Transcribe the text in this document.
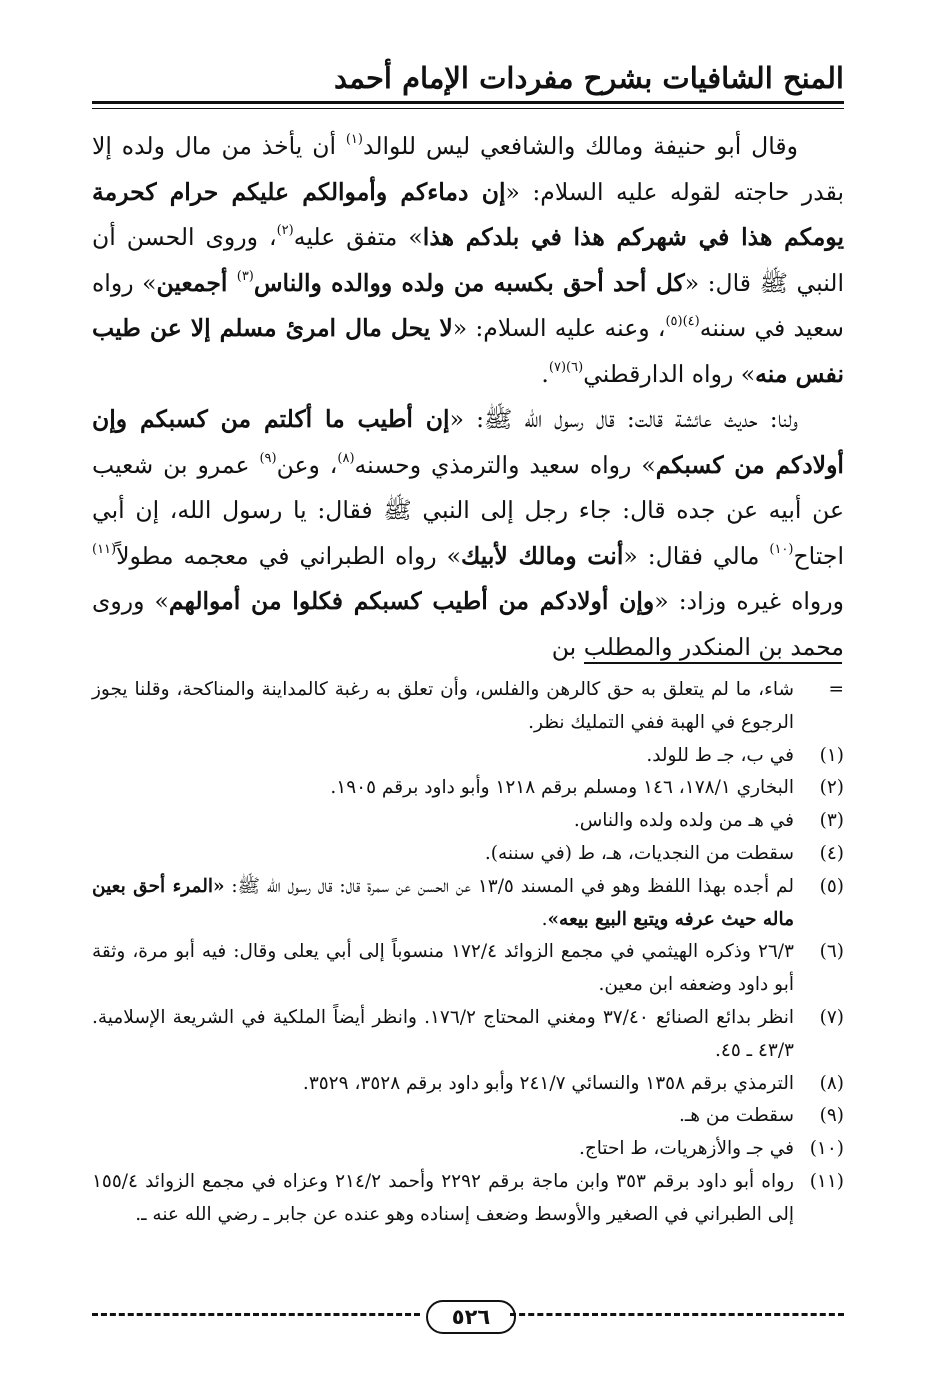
المنح الشافيات بشرح مفردات الإمام أحمد

وقال أبو حنيفة ومالك والشافعي ليس للوالد$^{(١)}$ أن يأخذ من مال ولده إلا بقدر حاجته لقوله عليه السلام: «إن دماءكم وأموالكم عليكم حرام كحرمة يومكم هذا في شهركم هذا في بلدكم هذا» متفق عليه$^{(٢)}$، وروى الحسن أن النبي ﷺ قال: «كل أحد أحق بكسبه من ولده ووالده والناس$^{(٣)}$ أجمعين» رواه سعيد في سننه$^{(٤)(٥)}$، وعنه عليه السلام: «لا يحل مال امرئ مسلم إلا عن طيب نفس منه» رواه الدارقطني$^{(٦)(٧)}$.

ولنا: حديث عائشة قالت: قال رسول الله ﷺ: «إن أطيب ما أكلتم من كسبكم وإن أولادكم من كسبكم» رواه سعيد والترمذي وحسنه$^{(٨)}$، وعن$^{(٩)}$ عمرو بن شعيب عن أبيه عن جده قال: جاء رجل إلى النبي ﷺ فقال: يا رسول الله، إن أبي اجتاح$^{(١٠)}$ مالي فقال: «أنت ومالك لأبيك» رواه الطبراني في معجمه مطولاً$^{(١١)}$ ورواه غيره وزاد: «وإن أولادكم من أطيب كسبكم فكلوا من أموالهم» وروى محمد بن المنكدر والمطلب بن

=
شاء، ما لم يتعلق به حق كالرهن والفلس، وأن تعلق به رغبة كالمداينة والمناكحة، وقلنا يجوز الرجوع في الهبة ففي التمليك نظر.
(١)
في ب، جـ ط للولد.
(٢)
البخاري ١٧٨/١، ١٤٦ ومسلم برقم ١٢١٨ وأبو داود برقم ١٩٠٥.
(٣)
في هـ من ولده ولده والناس.
(٤)
سقطت من النجديات، هـ، ط (في سننه).
(٥)
لم أجده بهذا اللفظ وهو في المسند ١٣/٥ عن الحسن عن سمرة قال: قال رسول الله ﷺ: «المرء أحق بعين ماله حيث عرفه ويتبع البيع بيعه».
(٦)
٢٦/٣ وذكره الهيثمي في مجمع الزوائد ١٧٢/٤ منسوباً إلى أبي يعلى وقال: فيه أبو مرة، وثقة أبو داود وضعفه ابن معين.
(٧)
انظر بدائع الصنائع ٣٧/٤٠ ومغني المحتاج ١٧٦/٢. وانظر أيضاً الملكية في الشريعة الإسلامية. ٤٣/٣ ـ ٤٥.
(٨)
الترمذي برقم ١٣٥٨ والنسائي ٢٤١/٧ وأبو داود برقم ٣٥٢٨، ٣٥٢٩.
(٩)
سقطت من هـ.
(١٠)
في جـ والأزهريات، ط احتاج.
(١١)
رواه أبو داود برقم ٣٥٣ وابن ماجة برقم ٢٢٩٢ وأحمد ٢١٤/٢ وعزاه في مجمع الزوائد ١٥٥/٤ إلى الطبراني في الصغير والأوسط وضعف إسناده وهو عنده عن جابر ـ رضي الله عنه ـ.
٥٢٦
